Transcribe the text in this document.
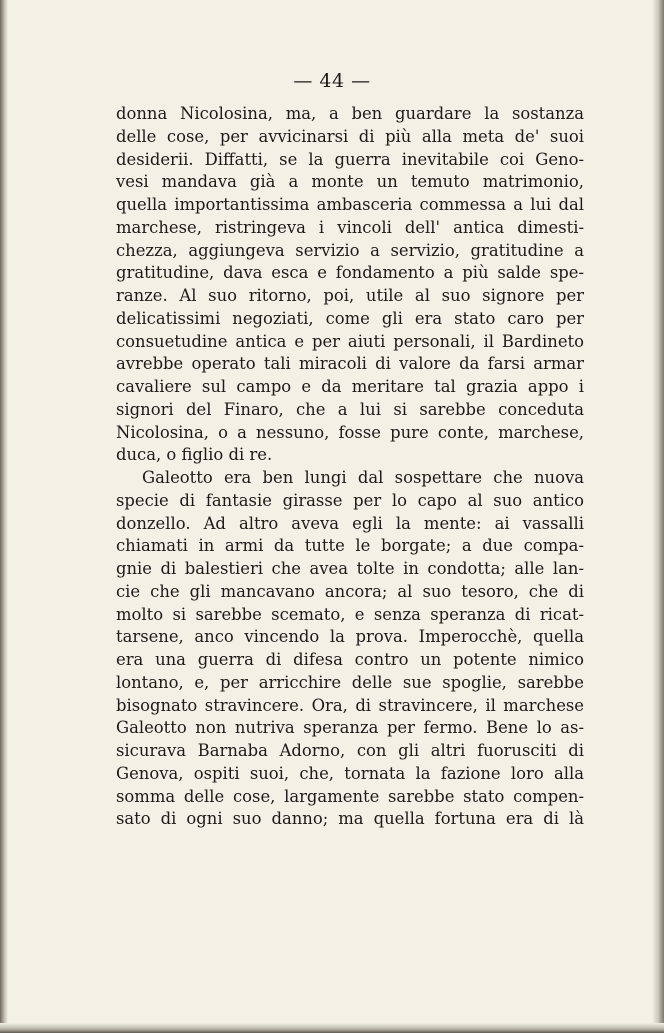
— 44 —
donna Nicolosina, ma, a ben guardare la sostanza
delle cose, per avvicinarsi di più alla meta de' suoi
desiderii. Diffatti, se la guerra inevitabile coi Geno-
vesi mandava già a monte un temuto matrimonio,
quella importantissima ambasceria commessa a lui dal
marchese, ristringeva i vincoli dell' antica dimesti-
chezza, aggiungeva servizio a servizio, gratitudine a
gratitudine, dava esca e fondamento a più salde spe-
ranze. Al suo ritorno, poi, utile al suo signore per
delicatissimi negoziati, come gli era stato caro per
consuetudine antica e per aiuti personali, il Bardineto
avrebbe operato tali miracoli di valore da farsi armar
cavaliere sul campo e da meritare tal grazia appo i
signori del Finaro, che a lui si sarebbe conceduta
Nicolosina, o a nessuno, fosse pure conte, marchese,
duca, o figlio di re.
Galeotto era ben lungi dal sospettare che nuova
specie di fantasie girasse per lo capo al suo antico
donzello. Ad altro aveva egli la mente: ai vassalli
chiamati in armi da tutte le borgate; a due compa-
gnie di balestieri che avea tolte in condotta; alle lan-
cie che gli mancavano ancora; al suo tesoro, che di
molto si sarebbe scemato, e senza speranza di ricat-
tarsene, anco vincendo la prova. Imperocchè, quella
era una guerra di difesa contro un potente nimico
lontano, e, per arricchire delle sue spoglie, sarebbe
bisognato stravincere. Ora, di stravincere, il marchese
Galeotto non nutriva speranza per fermo. Bene lo as-
sicurava Barnaba Adorno, con gli altri fuorusciti di
Genova, ospiti suoi, che, tornata la fazione loro alla
somma delle cose, largamente sarebbe stato compen-
sato di ogni suo danno; ma quella fortuna era di là
